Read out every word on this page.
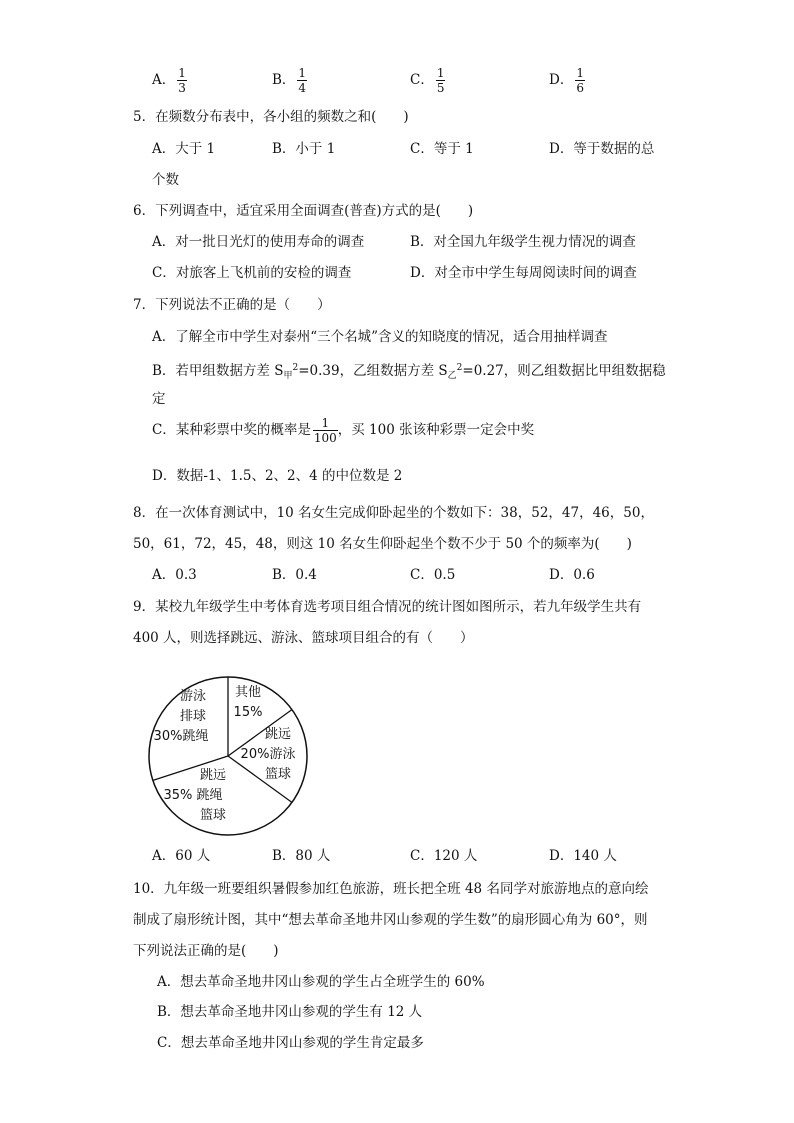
A． $\frac{1}{3}$	B． $\frac{1}{4}$	C． $\frac{1}{5}$	D． $\frac{1}{6}$
5．在频数分布表中，各小组的频数之和(　　)
A．大于 1	B．小于 1	C．等于 1	D．等于数据的总
个数
6．下列调查中，适宜采用全面调查(普查)方式的是(　　)
A．对一批日光灯的使用寿命的调查	B．对全国九年级学生视力情况的调查
C．对旅客上飞机前的安检的调查	D．对全市中学生每周阅读时间的调查
7．下列说法不正确的是（　　）
A．了解全市中学生对泰州“三个名城”含义的知晓度的情况，适合用抽样调查
B．若甲组数据方差 $S_甲^2=0.39$，乙组数据方差 $S_乙^2=0.27$，则乙组数据比甲组数据稳
定
C．某种彩票中奖的概率是 $\frac{1}{100}$ ，买 100 张该种彩票一定会中奖
D．数据-1、1.5、2、2、4 的中位数是 2
8．在一次体育测试中，10 名女生完成仰卧起坐的个数如下：38，52，47，46，50，
50，61，72，45，48，则这 10 名女生仰卧起坐个数不少于 50 个的频率为(　　)
A．0.3	B．0.4	C．0.5	D．0.6
9．某校九年级学生中考体育选考项目组合情况的统计图如图所示，若九年级学生共有
400 人，则选择跳远、游泳、篮球项目组合的有（　　）
其他
15%
跳远
20%游泳
篮球
跳远
35% 跳绳
篮球
游泳
排球
30%跳绳
A．60 人	B．80 人	C．120 人	D．140 人
10．九年级一班要组织暑假参加红色旅游，班长把全班 48 名同学对旅游地点的意向绘
制成了扇形统计图，其中“想去革命圣地井冈山参观的学生数”的扇形圆心角为 60°，则
下列说法正确的是(　　)
A．想去革命圣地井冈山参观的学生占全班学生的 60%
B．想去革命圣地井冈山参观的学生有 12 人
C．想去革命圣地井冈山参观的学生肯定最多
